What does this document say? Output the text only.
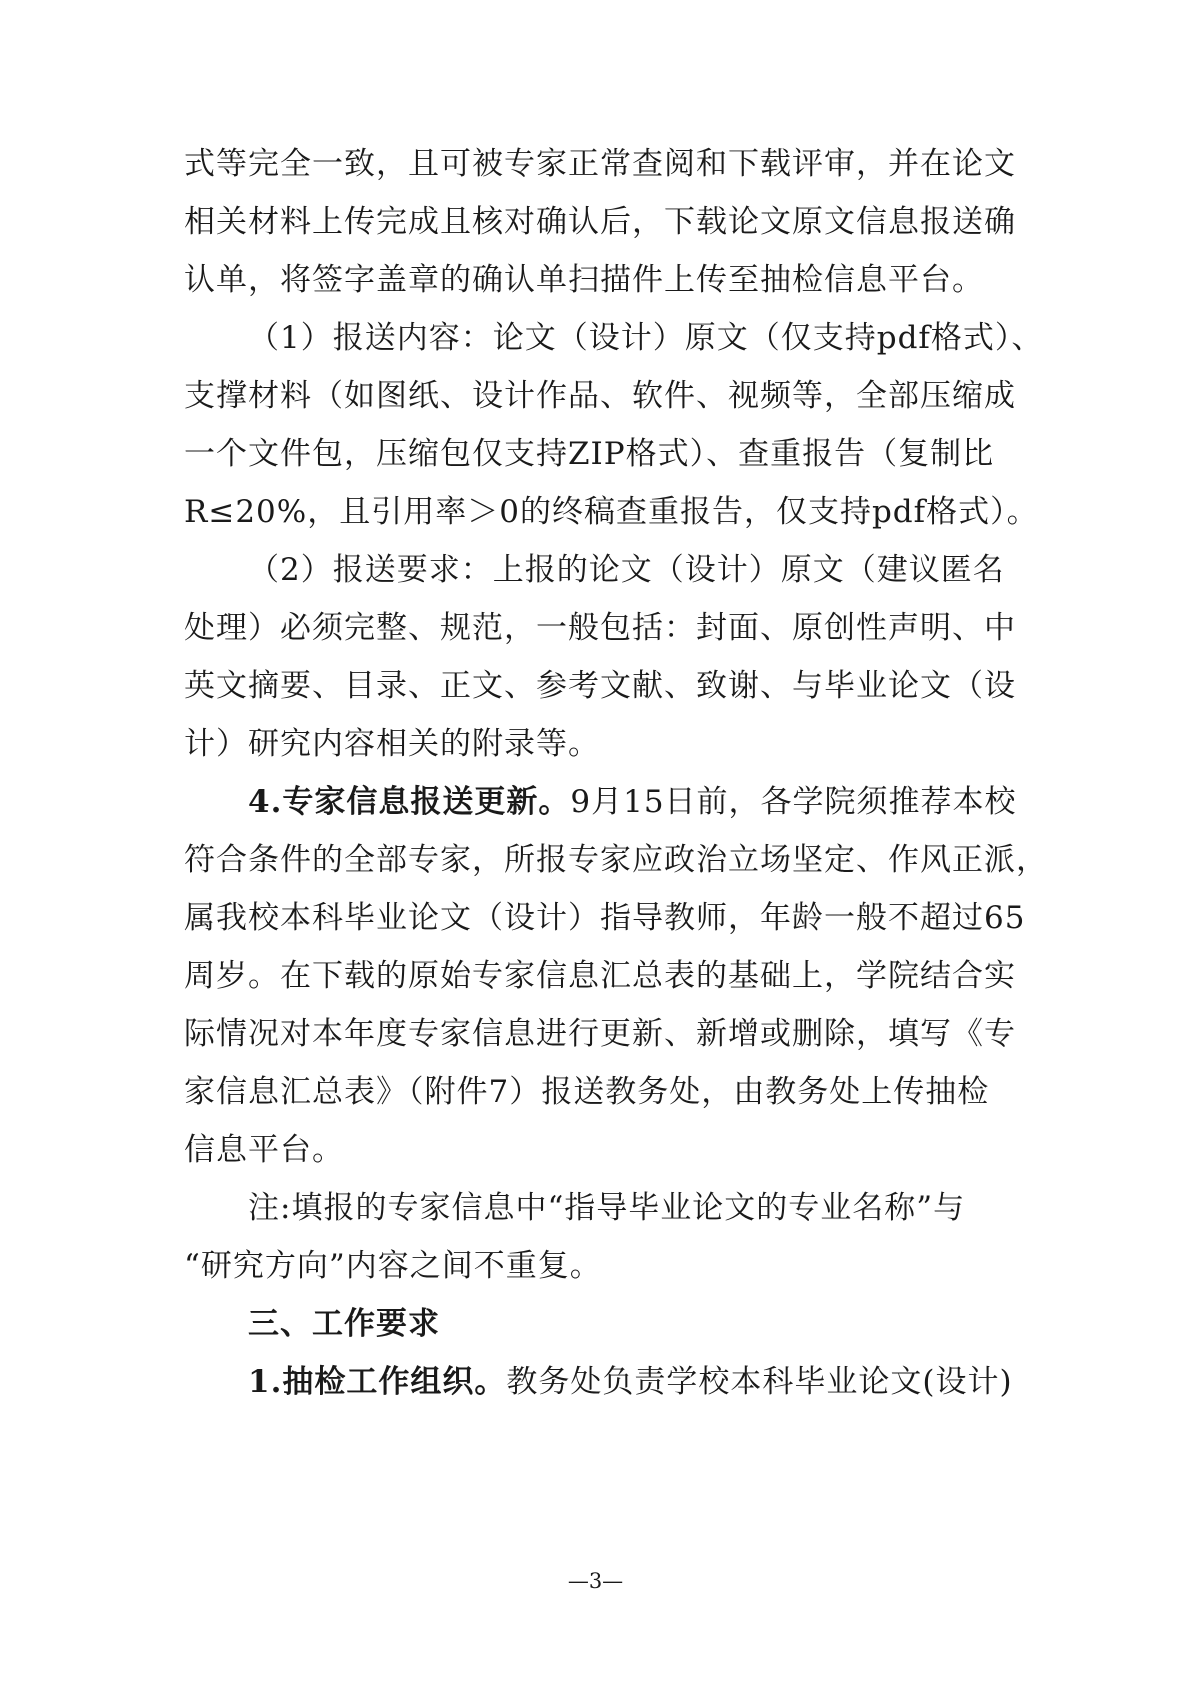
式等完全一致，且可被专家正常查阅和下载评审，并在论文
相关材料上传完成且核对确认后，下载论文原文信息报送确
认单，将签字盖章的确认单扫描件上传至抽检信息平台。
（1）报送内容：论文（设计）原文（仅支持pdf格式）、
支撑材料（如图纸、设计作品、软件、视频等，全部压缩成
一个文件包，压缩包仅支持ZIP格式）、查重报告（复制比
R≤20%，且引用率＞0的终稿查重报告，仅支持pdf格式）。
（2）报送要求：上报的论文（设计）原文（建议匿名
处理）必须完整、规范，一般包括：封面、原创性声明、中
英文摘要、目录、正文、参考文献、致谢、与毕业论文（设
计）研究内容相关的附录等。
4.专家信息报送更新。9月15日前，各学院须推荐本校
符合条件的全部专家，所报专家应政治立场坚定、作风正派，
属我校本科毕业论文（设计）指导教师，年龄一般不超过65
周岁。在下载的原始专家信息汇总表的基础上，学院结合实
际情况对本年度专家信息进行更新、新增或删除，填写《专
家信息汇总表》（附件7）报送教务处，由教务处上传抽检
信息平台。
注:填报的专家信息中“指导毕业论文的专业名称”与
“研究方向”内容之间不重复。
三、工作要求
1.抽检工作组织。教务处负责学校本科毕业论文(设计)
—3—
